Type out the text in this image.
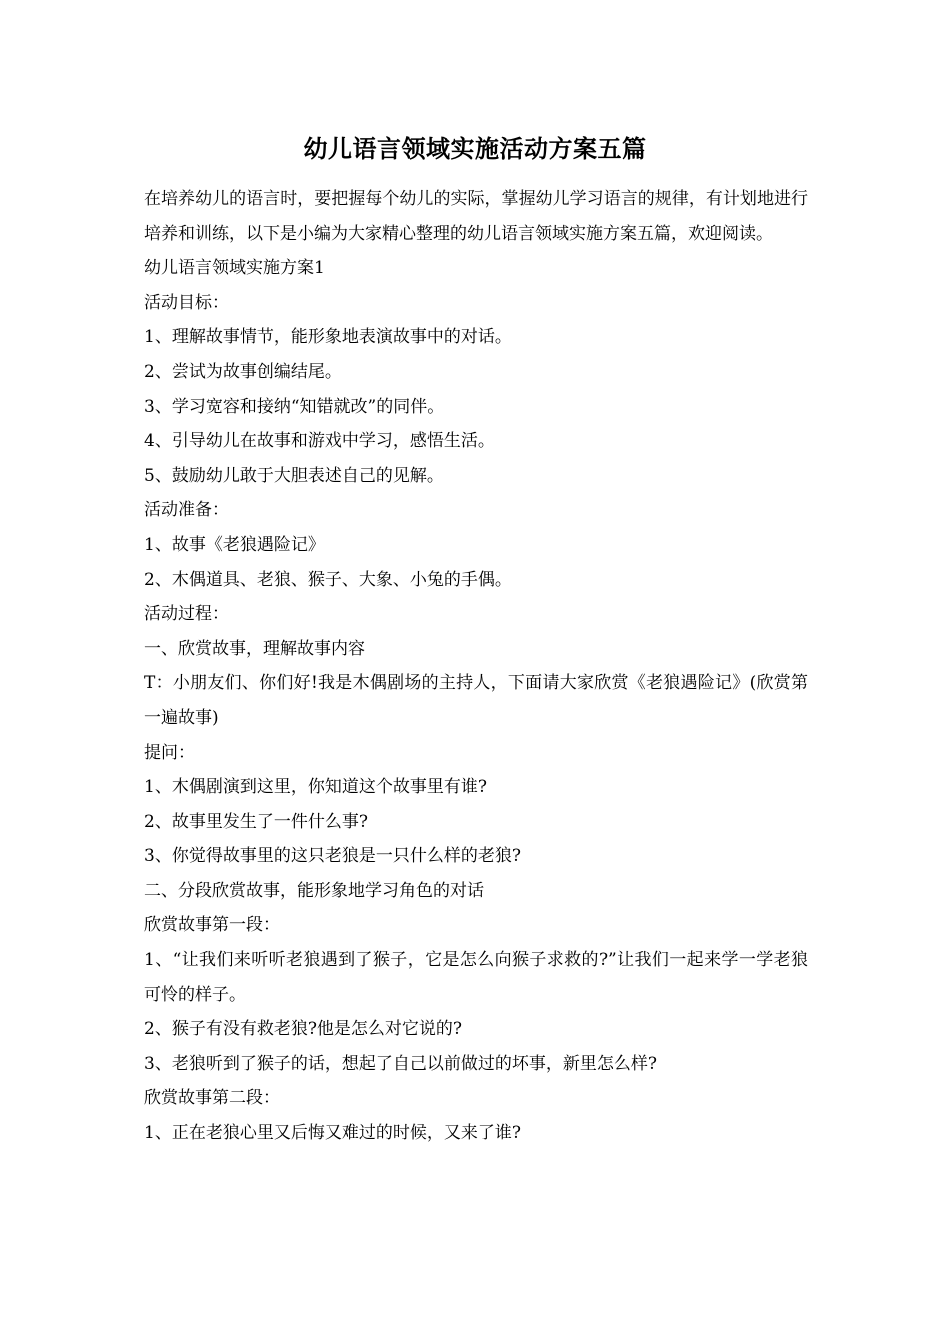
幼儿语言领域实施活动方案五篇

在培养幼儿的语言时，要把握每个幼儿的实际，掌握幼儿学习语言的规律，有计划地进行培养和训练，以下是小编为大家精心整理的幼儿语言领域实施方案五篇，欢迎阅读。

幼儿语言领域实施方案1

活动目标：

1、理解故事情节，能形象地表演故事中的对话。

2、尝试为故事创编结尾。

3、学习宽容和接纳“知错就改”的同伴。

4、引导幼儿在故事和游戏中学习，感悟生活。

5、鼓励幼儿敢于大胆表述自己的见解。

活动准备：

1、故事《老狼遇险记》

2、木偶道具、老狼、猴子、大象、小兔的手偶。

活动过程：

一、欣赏故事，理解故事内容

T：小朋友们、你们好!我是木偶剧场的主持人，下面请大家欣赏《老狼遇险记》(欣赏第一遍故事)

提问：

1、木偶剧演到这里，你知道这个故事里有谁?

2、故事里发生了一件什么事?

3、你觉得故事里的这只老狼是一只什么样的老狼?

二、分段欣赏故事，能形象地学习角色的对话

欣赏故事第一段：

1、“让我们来听听老狼遇到了猴子，它是怎么向猴子求救的?”让我们一起来学一学老狼可怜的样子。

2、猴子有没有救老狼?他是怎么对它说的?

3、老狼听到了猴子的话，想起了自己以前做过的坏事，新里怎么样?

欣赏故事第二段：

1、正在老狼心里又后悔又难过的时候，又来了谁?
